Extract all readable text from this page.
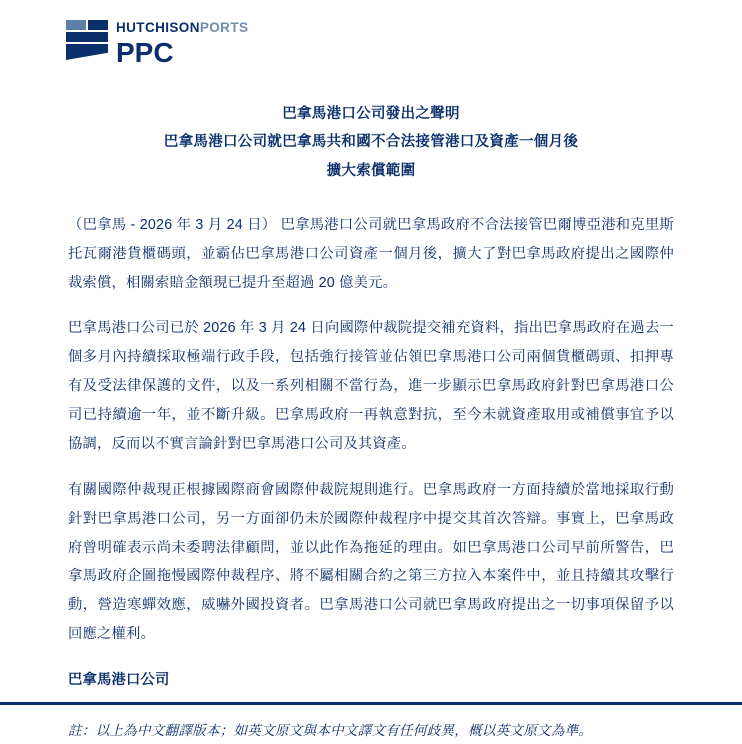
HUTCHISONPORTS
PPC
巴拿馬港口公司發出之聲明
巴拿馬港口公司就巴拿馬共和國不合法接管港口及資產一個月後
擴大索償範圍

（巴拿馬 - 2026 年 3 月 24 日） 巴拿馬港口公司就巴拿馬政府不合法接管巴爾博亞港和克里斯托瓦爾港貨櫃碼頭，並霸佔巴拿馬港口公司資產一個月後，擴大了對巴拿馬政府提出之國際仲裁索償，相關索賠金額現已提升至超過 20 億美元。

巴拿馬港口公司已於 2026 年 3 月 24 日向國際仲裁院提交補充資料，指出巴拿馬政府在過去一個多月內持續採取極端行政手段，包括強行接管並佔領巴拿馬港口公司兩個貨櫃碼頭、扣押專有及受法律保護的文件，以及一系列相關不當行為，進一步顯示巴拿馬政府針對巴拿馬港口公司已持續逾一年，並不斷升級。巴拿馬政府一再執意對抗，至今未就資產取用或補償事宜予以協調，反而以不實言論針對巴拿馬港口公司及其資產。

有關國際仲裁現正根據國際商會國際仲裁院規則進行。巴拿馬政府一方面持續於當地採取行動針對巴拿馬港口公司，另一方面卻仍未於國際仲裁程序中提交其首次答辯。事實上，巴拿馬政府曾明確表示尚未委聘法律顧問，並以此作為拖延的理由。如巴拿馬港口公司早前所警告，巴拿馬政府企圖拖慢國際仲裁程序、將不屬相關合約之第三方拉入本案件中，並且持續其攻擊行動，營造寒蟬效應，威嚇外國投資者。巴拿馬港口公司就巴拿馬政府提出之一切事項保留予以回應之權利。

巴拿馬港口公司

註：以上為中文翻譯版本；如英文原文與本中文譯文有任何歧異，概以英文原文為準。
